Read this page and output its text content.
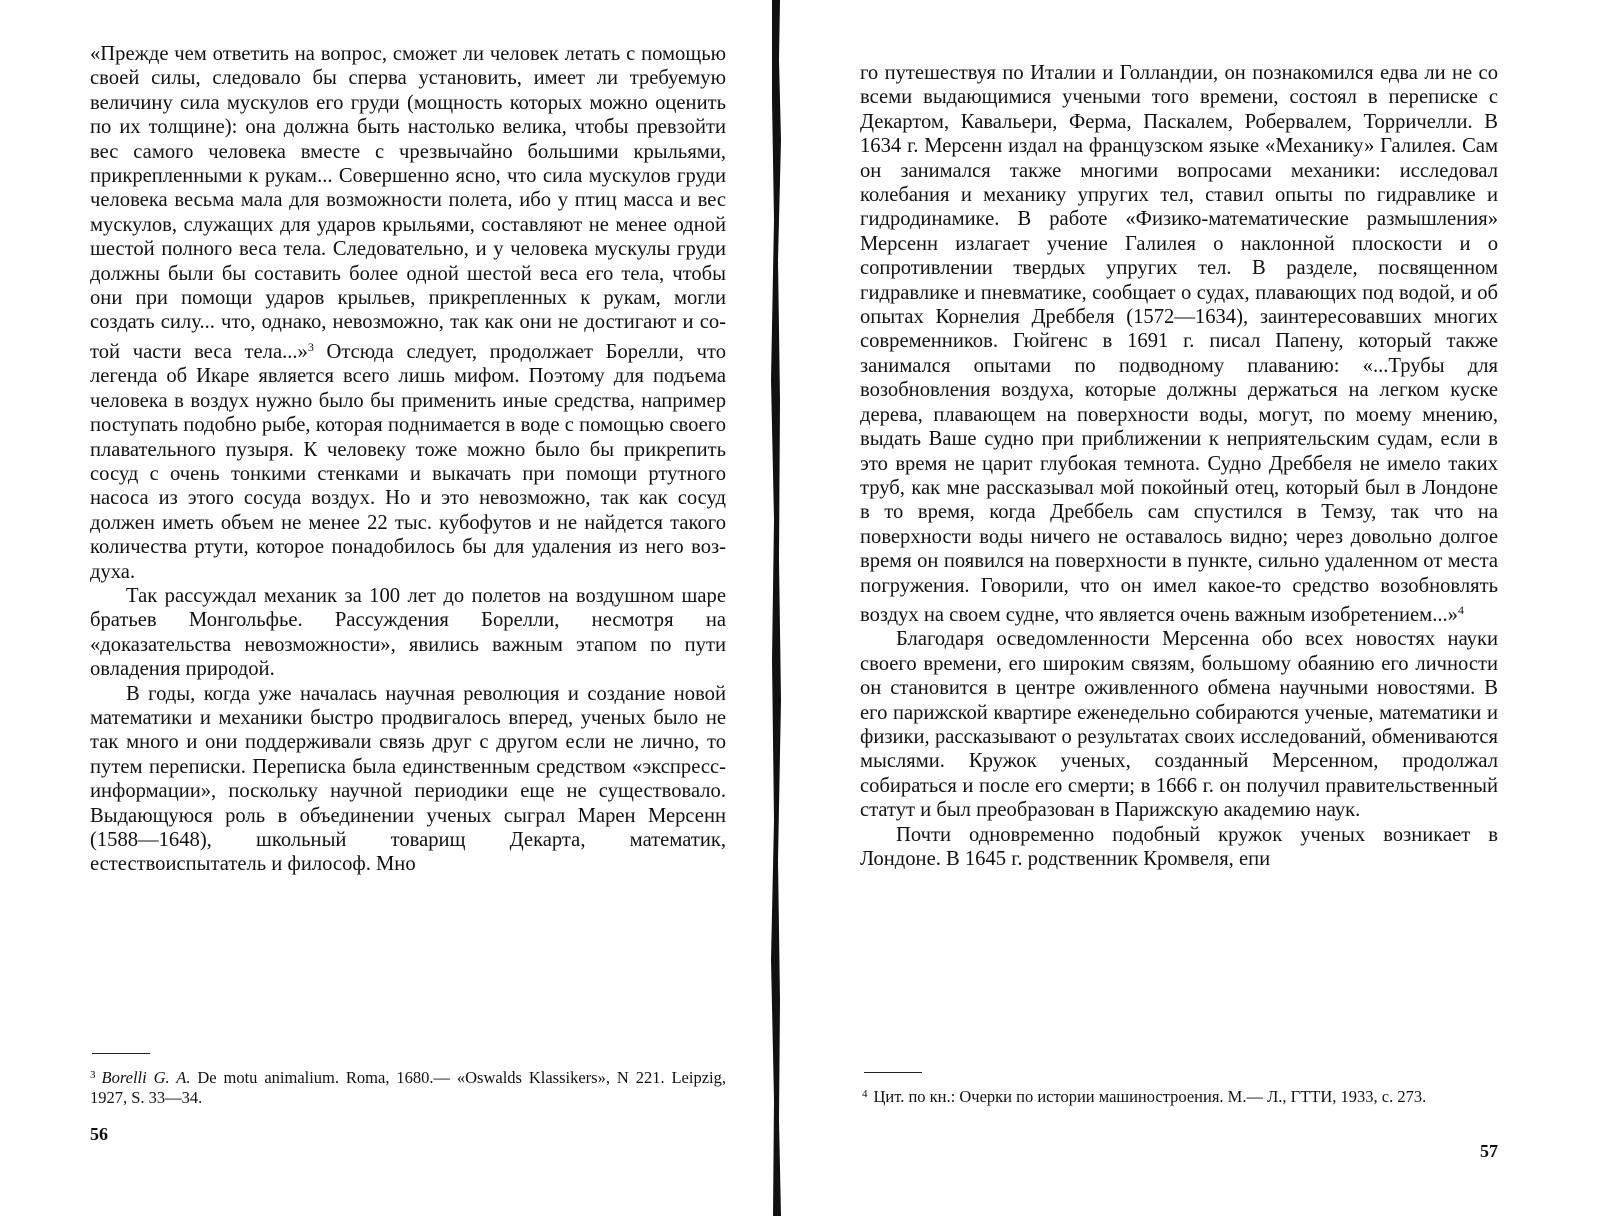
«Прежде чем ответить на вопрос, сможет ли человек летать с помощью своей силы, следовало бы сперва установить, имеет ли требуемую величину сила мускулов его груди (мощность которых можно оценить по их толщине): она должна быть настолько велика, чтобы превзойти вес самого человека вместе с чрезвычайно большими крыльями, прикрепленными к рукам... Совершенно ясно, что сила мускулов груди человека весьма мала для возможности полета, ибо у птиц масса и вес мускулов, служащих для ударов крыльями, составляют не менее одной шестой полного веса тела. Следовательно, и у человека мускулы груди должны были бы составить более одной шестой веса его тела, чтобы они при помощи ударов крыльев, прикрепленных к рукам, могли создать силу... что, однако, невозможно, так как они не достигают и сотой части веса тела...»$^3$ Отсюда следует, продолжает Борелли, что легенда об Икаре является всего лишь мифом. Поэтому для подъема человека в воздух нужно было бы применить иные средства, например поступать подобно рыбе, которая поднимается в воде с помощью своего плавательного пузыря. К человеку тоже можно было бы прикрепить сосуд с очень тонкими стенками и выкачать при помощи ртутного насоса из этого сосуда воздух. Но и это невозможно, так как сосуд должен иметь объем не менее 22 тыс. кубофутов и не найдется такого количества ртути, которое понадобилось бы для удаления из него воздуха.

Так рассуждал механик за 100 лет до полетов на воздушном шаре братьев Монгольфье. Рассуждения Борелли, несмотря на «доказательства невозможности», явились важным этапом по пути овладения природой.

В годы, когда уже началась научная революция и создание новой математики и механики быстро продвигалось вперед, ученых было не так много и они поддерживали связь друг с другом если не лично, то путем переписки. Переписка была единственным средством «экспресс-информации», поскольку научной периодики еще не существовало. Выдающуюся роль в объединении ученых сыграл Марен Мерсенн (1588—1648), школьный товарищ Декарта, математик, естествоиспытатель и философ. Мно

$^3$ Borelli G. A. De motu animalium. Roma, 1680.— «Oswalds Klassikers», N 221. Leipzig, 1927, S. 33—34.
56

го путешествуя по Италии и Голландии, он познакомился едва ли не со всеми выдающимися учеными того времени, состоял в переписке с Декартом, Кавальери, Ферма, Паскалем, Робервалем, Торричелли. В 1634 г. Мерсенн издал на французском языке «Механику» Галилея. Сам он занимался также многими вопросами механики: исследовал колебания и механику упругих тел, ставил опыты по гидравлике и гидродинамике. В работе «Физико-математические размышления» Мерсенн излагает учение Галилея о наклонной плоскости и о сопротивлении твердых упругих тел. В разделе, посвященном гидравлике и пневматике, сообщает о судах, плавающих под водой, и об опытах Корнелия Дреббеля (1572—1634), заинтересовавших многих современников. Гюйгенс в 1691 г. писал Папену, который также занимался опытами по подводному плаванию: «...Трубы для возобновления воздуха, которые должны держаться на легком куске дерева, плавающем на поверхности воды, могут, по моему мнению, выдать Ваше судно при приближении к неприятельским судам, если в это время не царит глубокая темнота. Судно Дреббеля не имело таких труб, как мне рассказывал мой покойный отец, который был в Лондоне в то время, когда Дреббель сам спустился в Темзу, так что на поверхности воды ничего не оставалось видно; через довольно долгое время он появился на поверхности в пункте, сильно удаленном от места погружения. Говорили, что он имел какое-то средство возобновлять воздух на своем судне, что является очень важным изобретением...»$^4$

Благодаря осведомленности Мерсенна обо всех новостях науки своего времени, его широким связям, большому обаянию его личности он становится в центре оживленного обмена научными новостями. В его парижской квартире еженедельно собираются ученые, математики и физики, рассказывают о результатах своих исследований, обмениваются мыслями. Кружок ученых, созданный Мерсенном, продолжал собираться и после его смерти; в 1666 г. он получил правительственный статут и был преобразован в Парижскую академию наук.

Почти одновременно подобный кружок ученых возникает в Лондоне. В 1645 г. родственник Кромвеля, епи

$^4$ Цит. по кн.: Очерки по истории машиностроения. М.— Л., ГТТИ, 1933, с. 273.
57
